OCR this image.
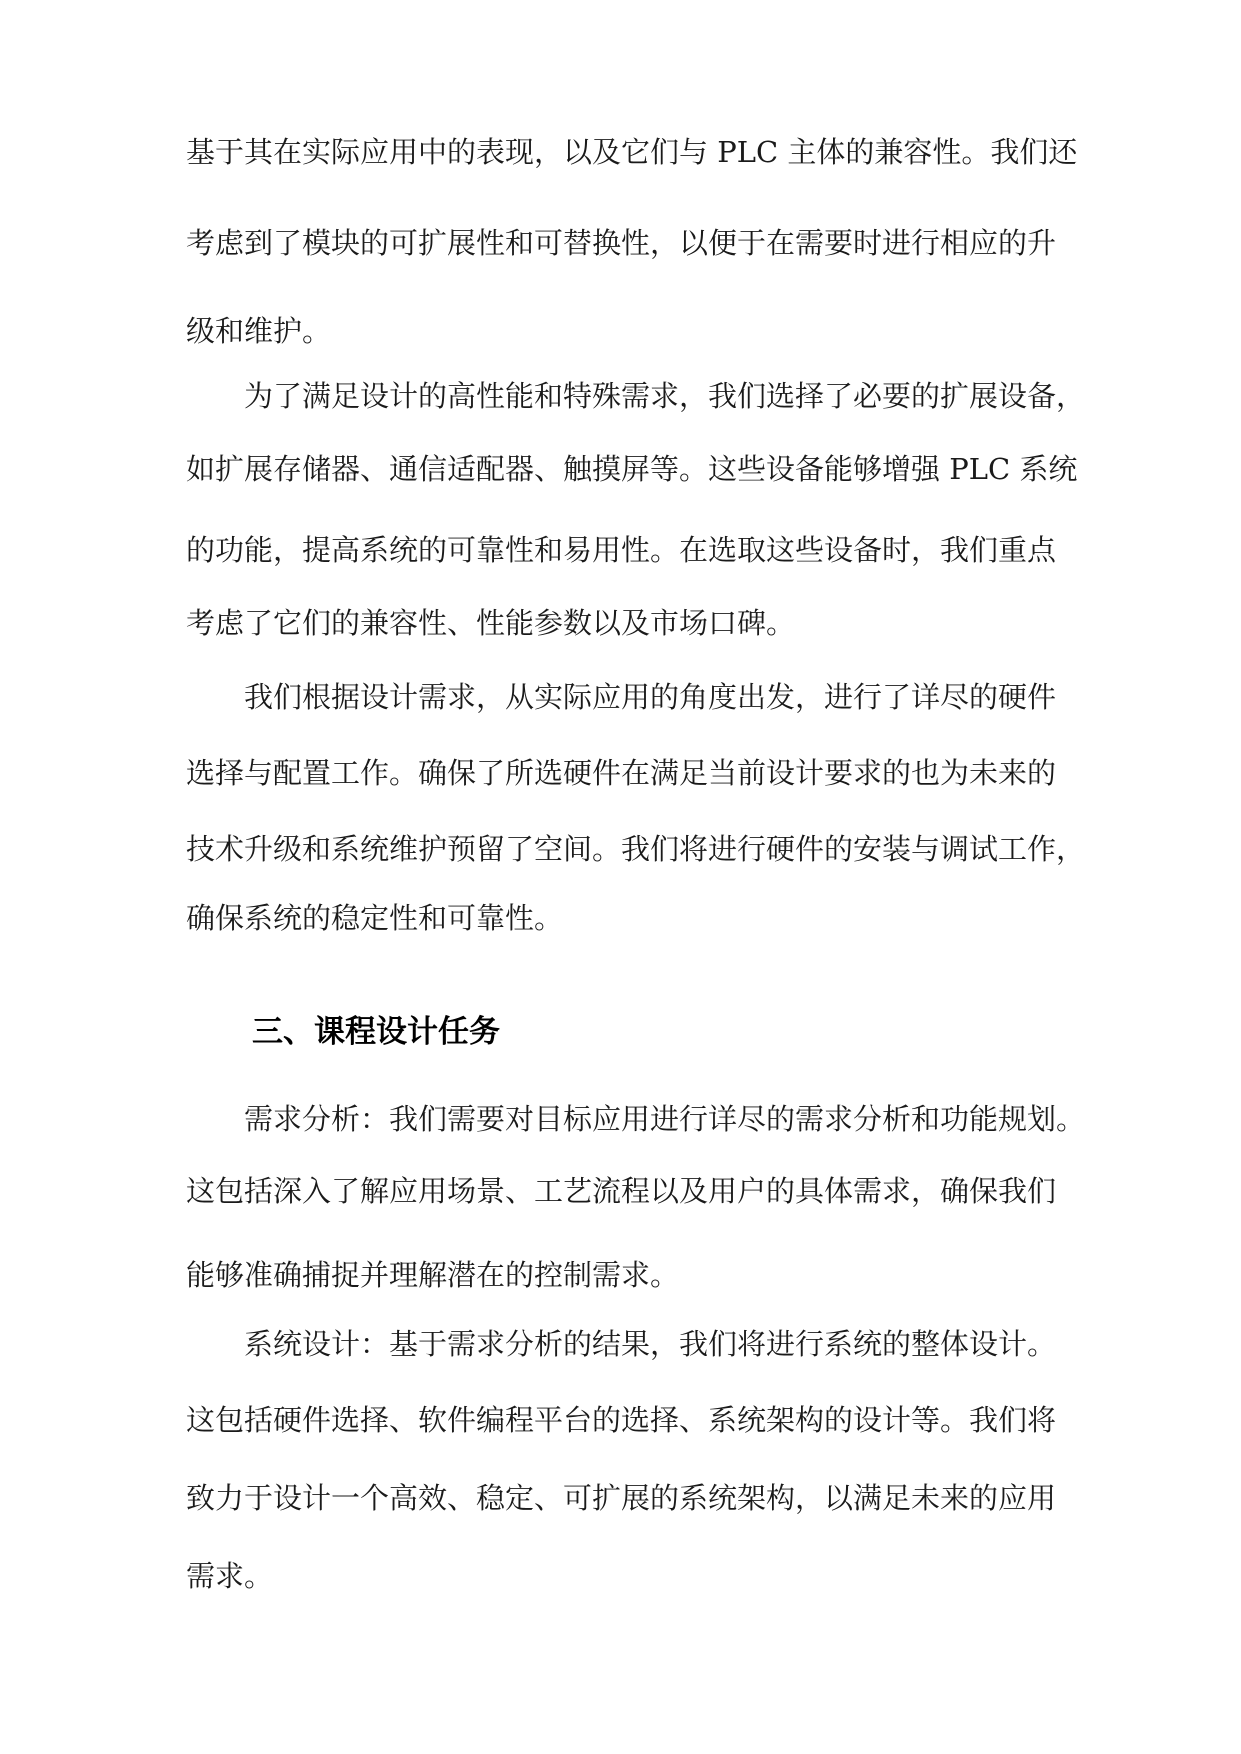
基于其在实际应用中的表现，以及它们与 PLC 主体的兼容性。我们还
考虑到了模块的可扩展性和可替换性，以便于在需要时进行相应的升
级和维护。
为了满足设计的高性能和特殊需求，我们选择了必要的扩展设备，
如扩展存储器、通信适配器、触摸屏等。这些设备能够增强 PLC 系统
的功能，提高系统的可靠性和易用性。在选取这些设备时，我们重点
考虑了它们的兼容性、性能参数以及市场口碑。
我们根据设计需求，从实际应用的角度出发，进行了详尽的硬件
选择与配置工作。确保了所选硬件在满足当前设计要求的也为未来的
技术升级和系统维护预留了空间。我们将进行硬件的安装与调试工作，
确保系统的稳定性和可靠性。
三、课程设计任务
需求分析：我们需要对目标应用进行详尽的需求分析和功能规划。
这包括深入了解应用场景、工艺流程以及用户的具体需求，确保我们
能够准确捕捉并理解潜在的控制需求。
系统设计：基于需求分析的结果，我们将进行系统的整体设计。
这包括硬件选择、软件编程平台的选择、系统架构的设计等。我们将
致力于设计一个高效、稳定、可扩展的系统架构，以满足未来的应用
需求。
